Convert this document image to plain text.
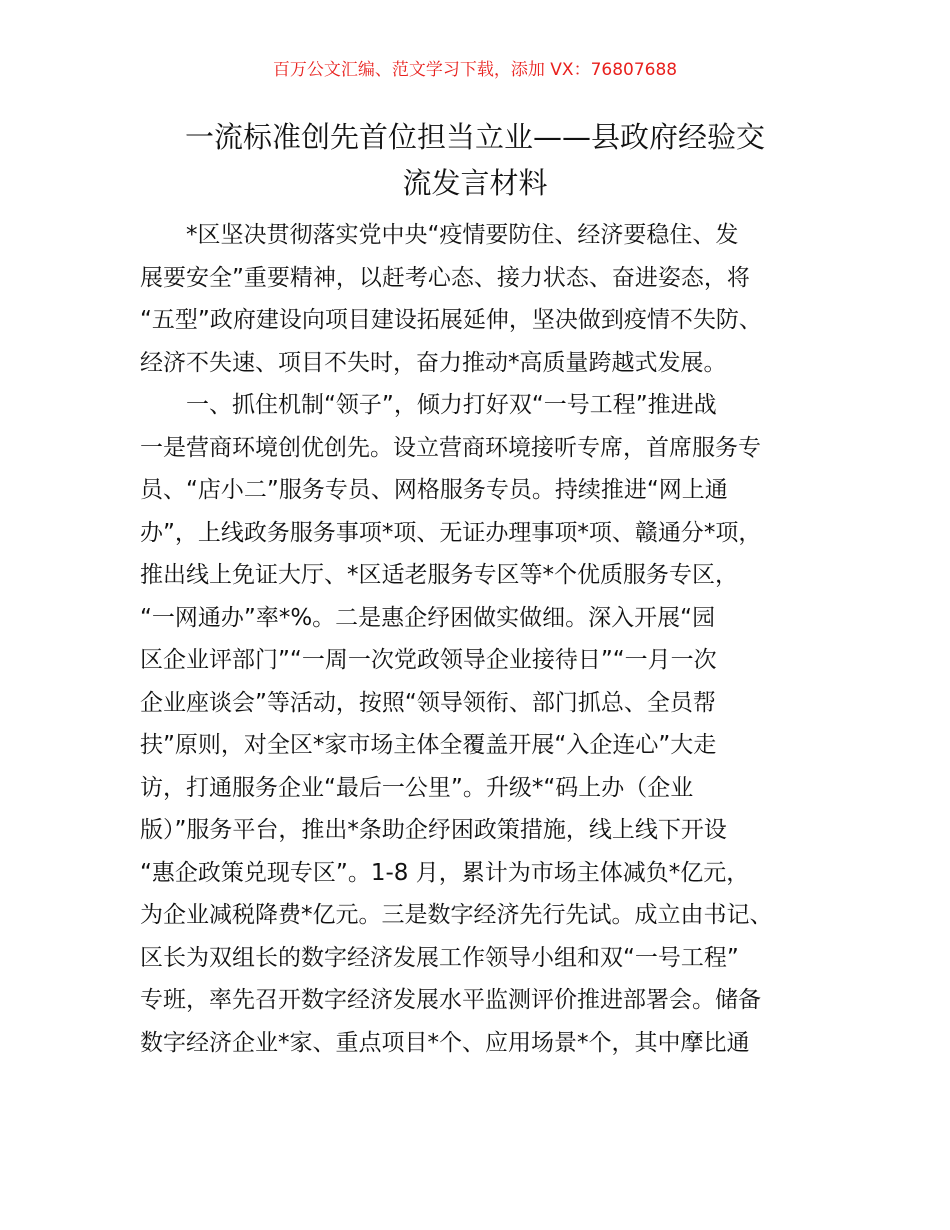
百万公文汇编、范文学习下载，添加 VX：76807688
一流标准创先首位担当立业——县政府经验交
流发言材料
*区坚决贯彻落实党中央“疫情要防住、经济要稳住、发
展要安全”重要精神，以赶考心态、接力状态、奋进姿态，将
“五型”政府建设向项目建设拓展延伸，坚决做到疫情不失防、
经济不失速、项目不失时，奋力推动*高质量跨越式发展。
一、抓住机制“领子”，倾力打好双“一号工程”推进战
一是营商环境创优创先。设立营商环境接听专席，首席服务专
员、“店小二”服务专员、网格服务专员。持续推进“网上通
办”，上线政务服务事项*项、无证办理事项*项、赣通分*项，
推出线上免证大厅、*区适老服务专区等*个优质服务专区，
“一网通办”率*%。二是惠企纾困做实做细。深入开展“园
区企业评部门”“一周一次党政领导企业接待日”“一月一次
企业座谈会”等活动，按照“领导领衔、部门抓总、全员帮
扶”原则，对全区*家市场主体全覆盖开展“入企连心”大走
访，打通服务企业“最后一公里”。升级*“码上办（企业
版）”服务平台，推出*条助企纾困政策措施，线上线下开设
“惠企政策兑现专区”。1-8 月，累计为市场主体减负*亿元，
为企业减税降费*亿元。三是数字经济先行先试。成立由书记、
区长为双组长的数字经济发展工作领导小组和双“一号工程”
专班，率先召开数字经济发展水平监测评价推进部署会。储备
数字经济企业*家、重点项目*个、应用场景*个，其中摩比通
